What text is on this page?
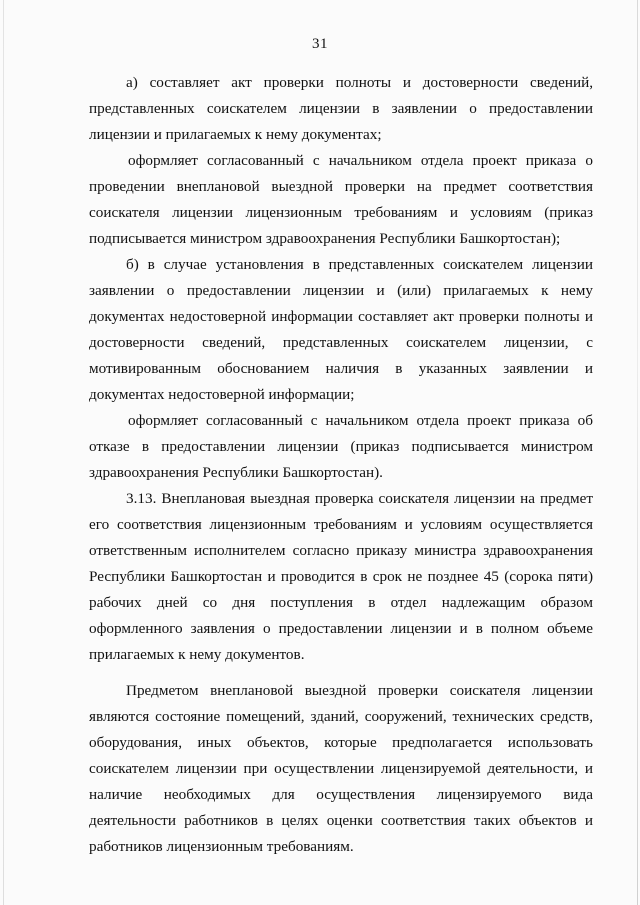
31

а) составляет акт проверки полноты и достоверности сведений, представленных соискателем лицензии в заявлении о предоставлении лицензии и прилагаемых к нему документах;

оформляет согласованный с начальником отдела проект приказа о проведении внеплановой выездной проверки на предмет соответствия соискателя лицензии лицензионным требованиям и условиям (приказ подписывается министром здравоохранения Республики Башкортостан);

б) в случае установления в представленных соискателем лицензии заявлении о предоставлении лицензии и (или) прилагаемых к нему документах недостоверной информации составляет акт проверки полноты и достоверности сведений, представленных соискателем лицензии, с мотивированным обоснованием наличия в указанных заявлении и документах недостоверной информации;

оформляет согласованный с начальником отдела проект приказа об отказе в предоставлении лицензии (приказ подписывается министром здравоохранения Республики Башкортостан).

3.13. Внеплановая выездная проверка соискателя лицензии на предмет его соответствия лицензионным требованиям и условиям осуществляется ответственным исполнителем согласно приказу министра здравоохранения Республики Башкортостан и проводится в срок не позднее 45 (сорока пяти) рабочих дней со дня поступления в отдел надлежащим образом оформленного заявления о предоставлении лицензии и в полном объеме прилагаемых к нему документов.

Предметом внеплановой выездной проверки соискателя лицензии являются состояние помещений, зданий, сооружений, технических средств, оборудования, иных объектов, которые предполагается использовать соискателем лицензии при осуществлении лицензируемой деятельности, и наличие необходимых для осуществления лицензируемого вида деятельности работников в целях оценки соответствия таких объектов и работников лицензионным требованиям.
